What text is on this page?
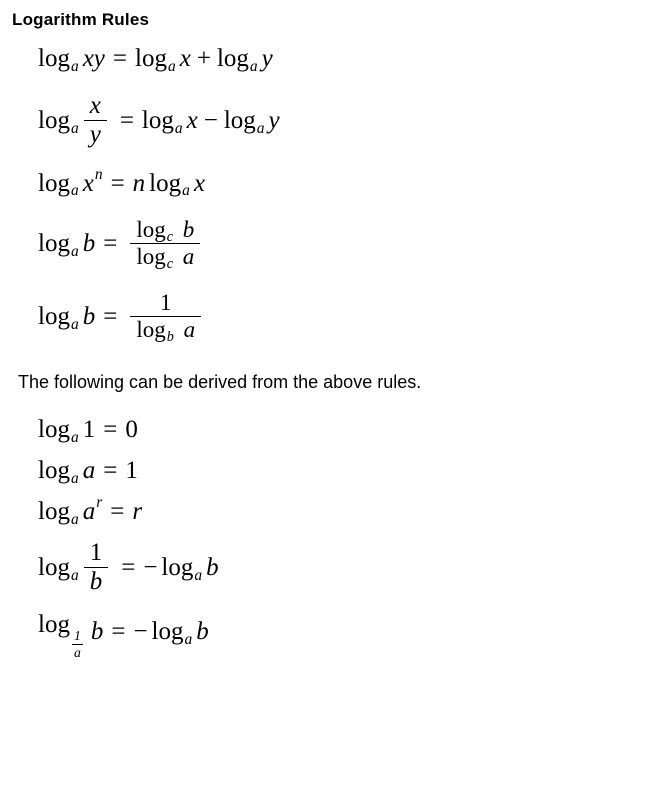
Logarithm Rules
log a xy = log a x + log a y
log a $\frac{x}{y} = \log a$ x − log a y
log a x n = n log a x
log a $b = \frac{\text{log c b}}{\text{log c a}}$
log a $b = \frac{1}{\text{log b a}}$

The following can be derived from the above rules.

log a 1 = 0
log a a = 1
log a a r = r
log a $\frac{1}{b}$ = − log a b
log
$\frac{1}{a}$ b = − log a b
